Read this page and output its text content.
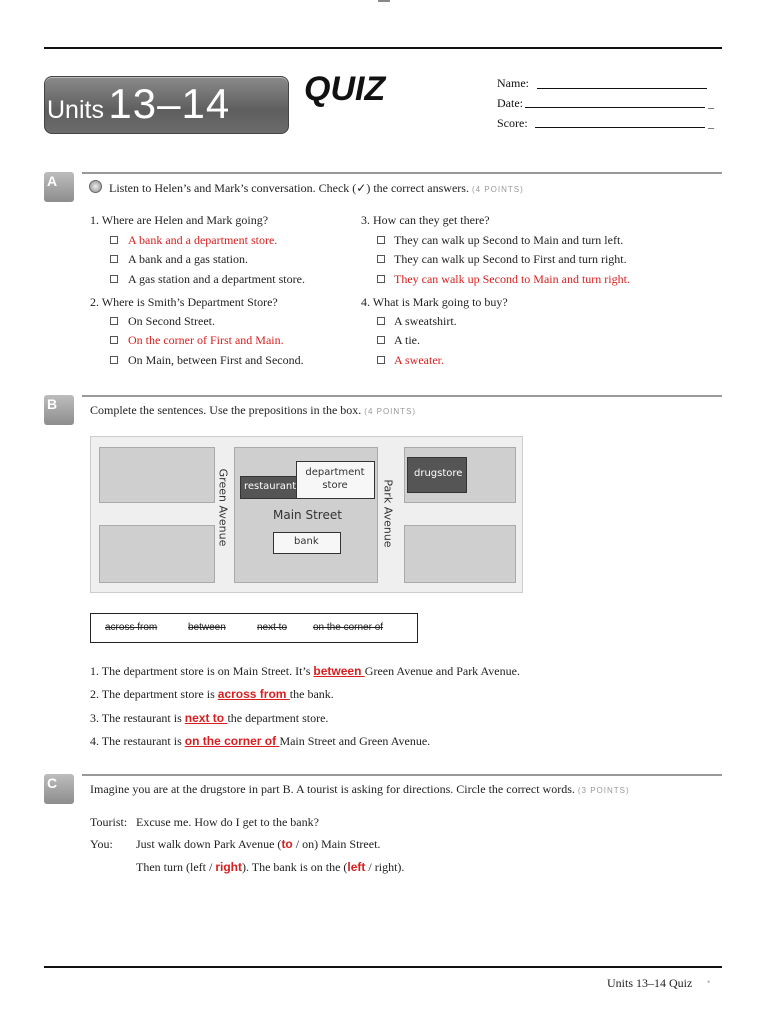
Units 13–14 QUIZ	Name:
Date:	_
Score:	_
A	Listen to Helen’s and Mark’s conversation. Check (✓) the correct answers. (4 POINTS)
1. Where are Helen and Mark going?
A bank and a department store.
A bank and a gas station.
A gas station and a department store.
2. Where is Smith’s Department Store?
On Second Street.
On the corner of First and Main.
On Main, between First and Second.
3. How can they get there?
They can walk up Second to Main and turn left.
They can walk up Second to First and turn right.
They can walk up Second to Main and turn right.
4. What is Mark going to buy?
A sweatshirt.
A tie.
A sweater.
B	Complete the sentences. Use the prepositions in the box. (4 POINTS)
restaurant
department store
drugstore
Main Street
bank
Green Avenue	Park Avenue
across from	between	next to	on the corner of
1. The department store is on Main Street. It’s between Green Avenue and Park Avenue.
2. The department store is across from the bank.
3. The restaurant is next to the department store.
4. The restaurant is on the corner of Main Street and Green Avenue.
C	Imagine you are at the drugstore in part B. A tourist is asking for directions. Circle the correct words. (3 POINTS)
Tourist: Excuse me. How do I get to the bank?
You: Just walk down Park Avenue (to / on) Main Street.
Then turn (left / right). The bank is on the (left / right).
Units 13–14 Quiz •
